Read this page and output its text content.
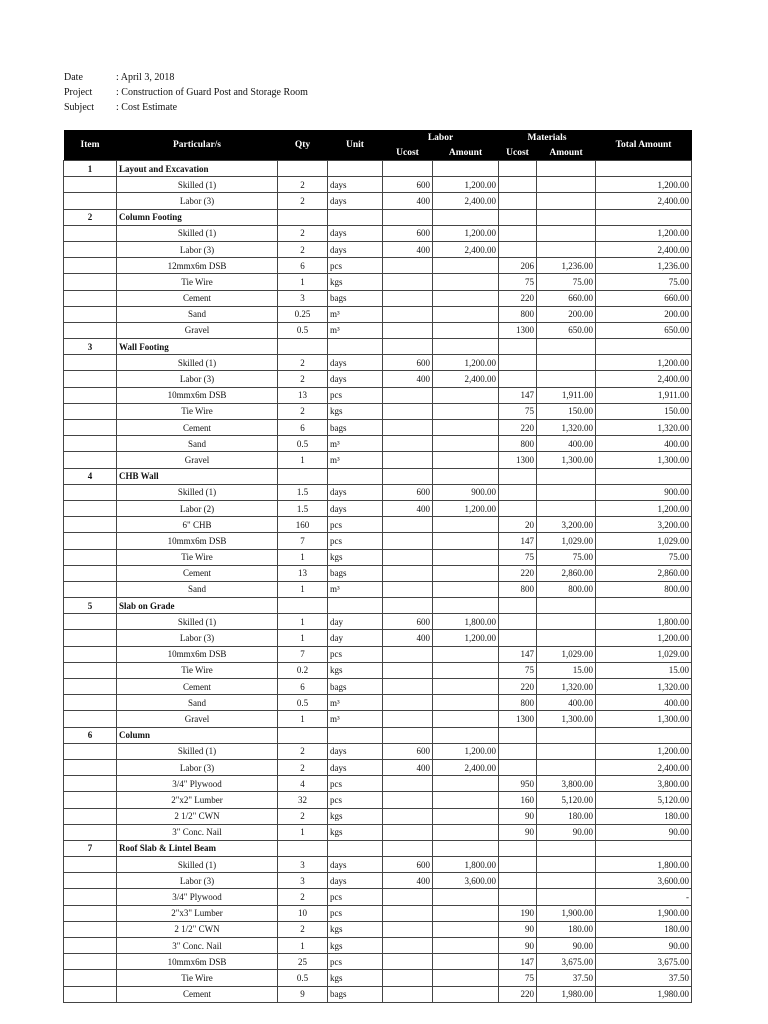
Date	: April 3, 2018
Project	: Construction of Guard Post and Storage Room
Subject	: Cost Estimate
Item	Particular/s	Qty	Unit	Labor		Materials		Total Amount
				Ucost	Amount	Ucost	Amount	
1	Layout and Excavation							
	Skilled (1)	2	days	600	1,200.00			1,200.00
	Labor (3)	2	days	400	2,400.00			2,400.00
2	Column Footing							
	Skilled (1)	2	days	600	1,200.00			1,200.00
	Labor (3)	2	days	400	2,400.00			2,400.00
	12mmx6m DSB	6	pcs			206	1,236.00	1,236.00
	Tie Wire	1	kgs			75	75.00	75.00
	Cement	3	bags			220	660.00	660.00
	Sand	0.25	m³			800	200.00	200.00
	Gravel	0.5	m³			1300	650.00	650.00
3	Wall Footing							
	Skilled (1)	2	days	600	1,200.00			1,200.00
	Labor (3)	2	days	400	2,400.00			2,400.00
	10mmx6m DSB	13	pcs			147	1,911.00	1,911.00
	Tie Wire	2	kgs			75	150.00	150.00
	Cement	6	bags			220	1,320.00	1,320.00
	Sand	0.5	m³			800	400.00	400.00
	Gravel	1	m³			1300	1,300.00	1,300.00
4	CHB Wall							
	Skilled (1)	1.5	days	600	900.00			900.00
	Labor (2)	1.5	days	400	1,200.00			1,200.00
	6" CHB	160	pcs			20	3,200.00	3,200.00
	10mmx6m DSB	7	pcs			147	1,029.00	1,029.00
	Tie Wire	1	kgs			75	75.00	75.00
	Cement	13	bags			220	2,860.00	2,860.00
	Sand	1	m³			800	800.00	800.00
5	Slab on Grade							
	Skilled (1)	1	day	600	1,800.00			1,800.00
	Labor (3)	1	day	400	1,200.00			1,200.00
	10mmx6m DSB	7	pcs			147	1,029.00	1,029.00
	Tie Wire	0.2	kgs			75	15.00	15.00
	Cement	6	bags			220	1,320.00	1,320.00
	Sand	0.5	m³			800	400.00	400.00
	Gravel	1	m³			1300	1,300.00	1,300.00
6	Column							
	Skilled (1)	2	days	600	1,200.00			1,200.00
	Labor (3)	2	days	400	2,400.00			2,400.00
	3/4" Plywood	4	pcs			950	3,800.00	3,800.00
	2"x2" Lumber	32	pcs			160	5,120.00	5,120.00
	2 1/2" CWN	2	kgs			90	180.00	180.00
	3" Conc. Nail	1	kgs			90	90.00	90.00
7	Roof Slab & Lintel Beam							
	Skilled (1)	3	days	600	1,800.00			1,800.00
	Labor (3)	3	days	400	3,600.00			3,600.00
	3/4" Plywood	2	pcs					-
	2"x3" Lumber	10	pcs			190	1,900.00	1,900.00
	2 1/2" CWN	2	kgs			90	180.00	180.00
	3" Conc. Nail	1	kgs			90	90.00	90.00
	10mmx6m DSB	25	pcs			147	3,675.00	3,675.00
	Tie Wire	0.5	kgs			75	37.50	37.50
	Cement	9	bags			220	1,980.00	1,980.00
